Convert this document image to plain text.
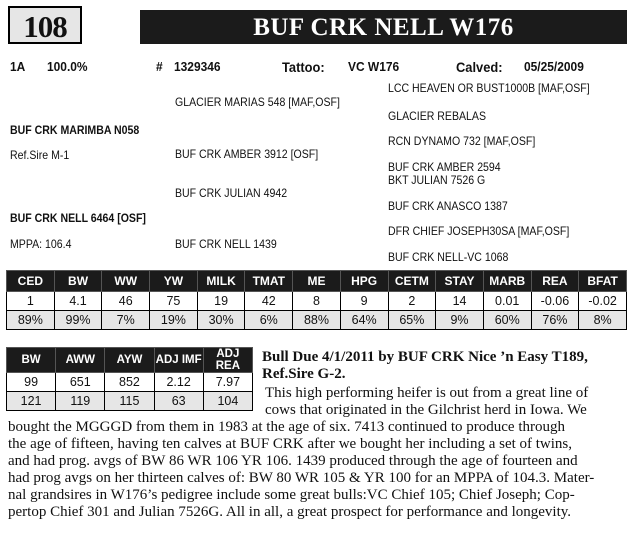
108	BUF CRK NELL W176
1A 100.0%	# 1329346	Tattoo: VC W176	Calved: 05/25/2009
LCC HEAVEN OR BUST1000B [MAF,OSF]
GLACIER MARIAS 548 [MAF,OSF]
GLACIER REBALAS
BUF CRK MARIMBA N058
RCN DYNAMO 732 [MAF,OSF]
BUF CRK AMBER 3912 [OSF]
Ref.Sire M-1
BUF CRK AMBER 2594
BKT JULIAN 7526 G
BUF CRK JULIAN 4942
BUF CRK ANASCO 1387
BUF CRK NELL 6464 [OSF]
DFR CHIEF JOSEPH30SA [MAF,OSF]
MPPA: 106.4	BUF CRK NELL 1439
BUF CRK NELL-VC 1068
CED	BW	WW	YW	MILK	TMAT	ME	HPG	CETM	STAY	MARB	REA	BFAT
1	4.1	46	75	19	42	8	9	2	14	0.01	-0.06	-0.02
89%	99%	7%	19%	30%	6%	88%	64%	65%	9%	60%	76%	8%
BW	AWW	AYW	ADJ IMF	ADJ REA
99	651	852	2.12	7.97
121	119	115	63	104
Bull Due 4/1/2011 by BUF CRK Nice ’n Easy T189,
Ref.Sire G-2.
This high performing heifer is out from a great line of
cows that originated in the Gilchrist herd in Iowa. We
bought the MGGGD from them in 1983 at the age of six. 7413 continued to produce through
the age of fifteen, having ten calves at BUF CRK after we bought her including a set of twins,
and had prog. avgs of BW 86 WR 106 YR 106. 1439 produced through the age of fourteen and
had prog avgs on her thirteen calves of: BW 80 WR 105 & YR 100 for an MPPA of 104.3. Mater-
nal grandsires in W176’s pedigree include some great bulls:VC Chief 105; Chief Joseph; Cop-
pertop Chief 301 and Julian 7526G. All in all, a great prospect for performance and longevity.
